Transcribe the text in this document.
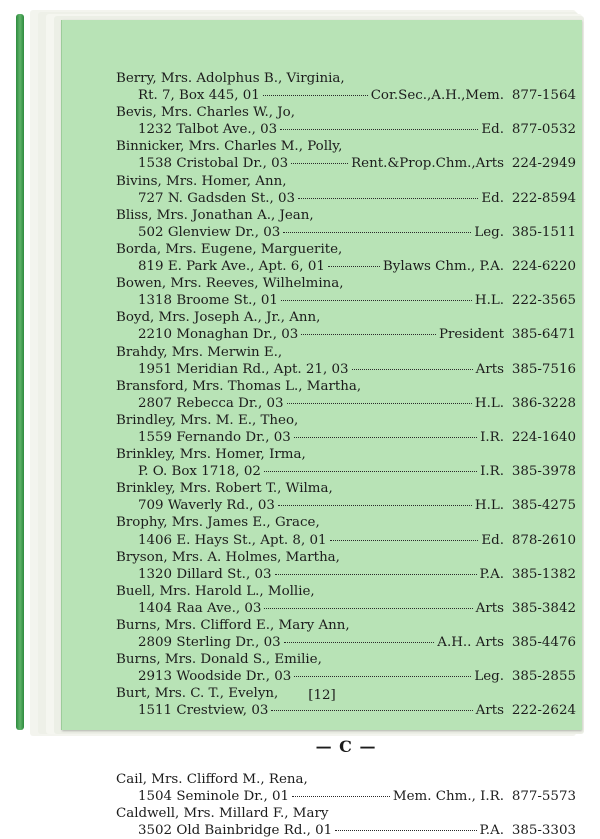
Berry, Mrs. Adolphus B., Virginia,
Rt. 7, Box 445, 01	Cor.Sec.,A.H.,Mem. 877-1564
Bevis, Mrs. Charles W., Jo,
1232 Talbot Ave., 03	Ed. 877-0532
Binnicker, Mrs. Charles M., Polly,
1538 Cristobal Dr., 03	Rent.&Prop.Chm.,Arts 224-2949
Bivins, Mrs. Homer, Ann,
727 N. Gadsden St., 03	Ed. 222-8594
Bliss, Mrs. Jonathan A., Jean,
502 Glenview Dr., 03	Leg. 385-1511
Borda, Mrs. Eugene, Marguerite,
819 E. Park Ave., Apt. 6, 01	Bylaws Chm., P.A. 224-6220
Bowen, Mrs. Reeves, Wilhelmina,
1318 Broome St., 01	H.L. 222-3565
Boyd, Mrs. Joseph A., Jr., Ann,
2210 Monaghan Dr., 03	President 385-6471
Brahdy, Mrs. Merwin E.,
1951 Meridian Rd., Apt. 21, 03	Arts 385-7516
Bransford, Mrs. Thomas L., Martha,
2807 Rebecca Dr., 03	H.L. 386-3228
Brindley, Mrs. M. E., Theo,
1559 Fernando Dr., 03	I.R. 224-1640
Brinkley, Mrs. Homer, Irma,
P. O. Box 1718, 02	I.R. 385-3978
Brinkley, Mrs. Robert T., Wilma,
709 Waverly Rd., 03	H.L. 385-4275
Brophy, Mrs. James E., Grace,
1406 E. Hays St., Apt. 8, 01	Ed. 878-2610
Bryson, Mrs. A. Holmes, Martha,
1320 Dillard St., 03	P.A. 385-1382
Buell, Mrs. Harold L., Mollie,
1404 Raa Ave., 03	Arts 385-3842
Burns, Mrs. Clifford E., Mary Ann,
2809 Sterling Dr., 03	A.H.. Arts 385-4476
Burns, Mrs. Donald S., Emilie,
2913 Woodside Dr., 03	Leg. 385-2855
Burt, Mrs. C. T., Evelyn,
1511 Crestview, 03	Arts 222-2624
— C —
Cail, Mrs. Clifford M., Rena,
1504 Seminole Dr., 01	Mem. Chm., I.R. 877-5573
Caldwell, Mrs. Millard F., Mary
3502 Old Bainbridge Rd., 01	P.A. 385-3303
[12]
